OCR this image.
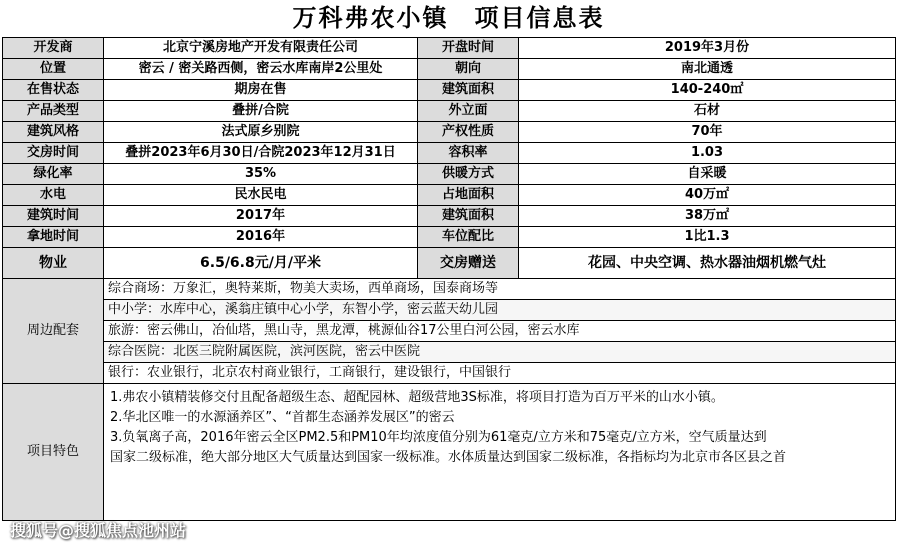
万科弗农小镇　项目信息表
开发商	北京宁溪房地产开发有限责任公司	开盘时间	2019年3月份
位置	密云 / 密关路西侧，密云水库南岸2公里处	朝向	南北通透
在售状态	期房在售	建筑面积	140-240㎡
产品类型	叠拼/合院	外立面	石材
建筑风格	法式原乡别院	产权性质	70年
交房时间	叠拼2023年6月30日/合院2023年12月31日	容积率	1.03
绿化率	35%	供暖方式	自采暖
水电	民水民电	占地面积	40万㎡
建筑时间	2017年	建筑面积	38万㎡
拿地时间	2016年	车位配比	1比1.3
物业	6.5/6.8元/月/平米	交房赠送	花园、中央空调、热水器油烟机燃气灶
周边配套	综合商场：万象汇，奥特莱斯，物美大卖场，西单商场，国泰商场等		
	中小学：水库中心，溪翁庄镇中心小学，东智小学，密云蓝天幼儿园		
	旅游：密云佛山，冶仙塔，黑山寺，黑龙潭，桃源仙谷17公里白河公园，密云水库		
	综合医院：北医三院附属医院，滨河医院，密云中医院		
	银行：农业银行，北京农村商业银行，工商银行，建设银行，中国银行		
项目特色	1.弗农小镇精装修交付且配备超级生态、超配园林、超级营地3S标准，将项目打造为百万平米的山水小镇。
2.华北区唯一的水源涵养区”、“首都生态涵养发展区”的密云
3.负氧离子高，2016年密云全区PM2.5和PM10年均浓度值分别为61毫克/立方米和75毫克/立方米，空气质量达到
国家二级标准，绝大部分地区大气质量达到国家一级标准。水体质量达到国家二级标准，各指标均为北京市各区县之首		
搜狐号@搜狐焦点池州站
